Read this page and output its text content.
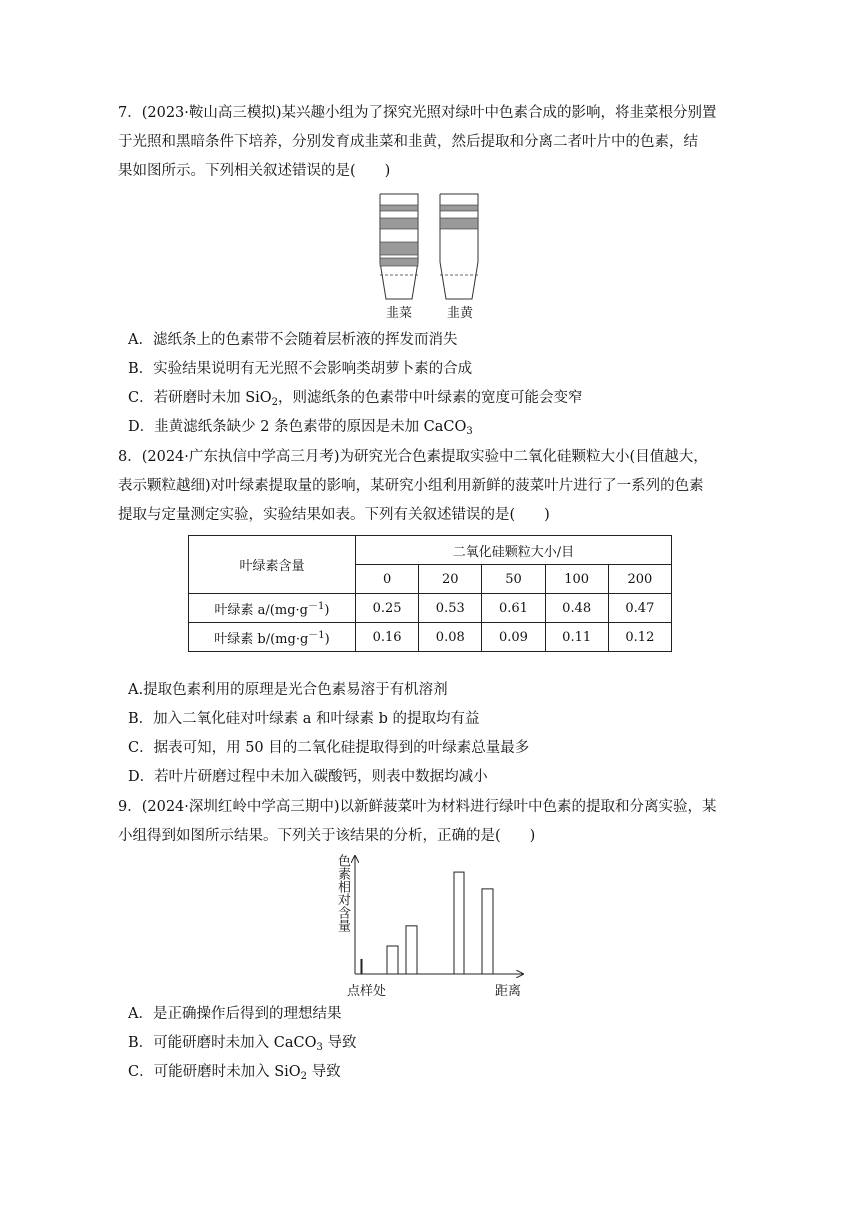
7．(2023·鞍山高三模拟)某兴趣小组为了探究光照对绿叶中色素合成的影响，将韭菜根分别置
于光照和黑暗条件下培养，分别发育成韭菜和韭黄，然后提取和分离二者叶片中的色素，结
果如图所示。下列相关叙述错误的是(　　)
韭菜	韭黄
A．滤纸条上的色素带不会随着层析液的挥发而消失
B．实验结果说明有无光照不会影响类胡萝卜素的合成
C．若研磨时未加 SiO$_2$，则滤纸条的色素带中叶绿素的宽度可能会变窄
D．韭黄滤纸条缺少 2 条色素带的原因是未加 CaCO$_3$
8．(2024·广东执信中学高三月考)为研究光合色素提取实验中二氧化硅颗粒大小(目值越大，
表示颗粒越细)对叶绿素提取量的影响，某研究小组利用新鲜的菠菜叶片进行了一系列的色素
提取与定量测定实验，实验结果如表。下列有关叙述错误的是(　　)
叶绿素含量	二氧化硅颗粒大小/目				
	0	20	50	100	200
叶绿素 $a/(mg\cdot g^{-1})$	0.25	0.53	0.61	0.48	0.47
叶绿素 $b/(mg\cdot g^{-1})$	0.16	0.08	0.09	0.11	0.12
A.提取色素利用的原理是光合色素易溶于有机溶剂
B．加入二氧化硅对叶绿素 a 和叶绿素 b 的提取均有益
C．据表可知，用 50 目的二氧化硅提取得到的叶绿素总量最多
D．若叶片研磨过程中未加入碳酸钙，则表中数据均减小
9．(2024·深圳红岭中学高三期中)以新鲜菠菜叶为材料进行绿叶中色素的提取和分离实验，某
小组得到如图所示结果。下列关于该结果的分析，正确的是(　　)
色素相对含量
点样处	距离
A．是正确操作后得到的理想结果
B．可能研磨时未加入 CaCO$_3$ 导致
C．可能研磨时未加入 SiO$_2$ 导致
